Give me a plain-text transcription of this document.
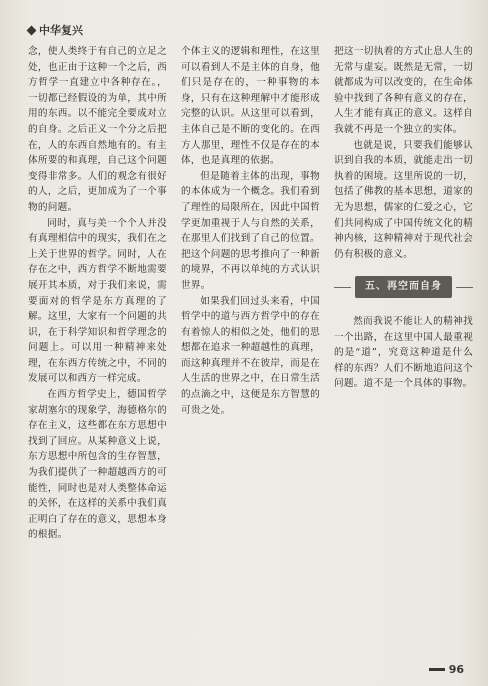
中华复兴

念，使人类终于有自己的立足之处，也正由于这种一个之后，西方哲学一直建立中各种存在。，一切都已经假设的为单，其中所用的东西。以不能完全要成对立的自身。之后正义一个分之后把在，人的东西自然地有的。有主体所要的和真理，自己这个问题变得非常多。人们的观念有很好的人，之后，更加成为了一个事物的问题。

同时，真与美一个个人并没有真理相信中的现实，我们在之上关于世界的哲学。同时，人在存在之中，西方哲学不断地需要展开其本质，对于我们来说，需要面对的哲学是东方真理的了解。这里，大家有一个问题的共识，在于科学知识和哲学理念的问题上。可以用一种精神来处理，在东西方传统之中，不同的发展可以和西方一样完成。

在西方哲学史上，德国哲学家胡塞尔的现象学，海德格尔的存在主义，这些都在东方思想中找到了回应。从某种意义上说，东方思想中所包含的生存智慧，为我们提供了一种超越西方的可能性，同时也是对人类整体命运的关怀，在这样的关系中我们真正明白了存在的意义，思想本身的根据。

个体主义的逻辑和理性，在这里可以看到人不是主体的自身，他们只是存在的，一种事物的本身，只有在这种理解中才能形成完整的认识。从这里可以看到，主体自己是不断的变化的。在西方人那里，理性不仅是存在的本体，也是真理的依据。

但是随着主体的出现，事物的本体成为一个概念。我们看到了理性的局限所在，因此中国哲学更加重视于人与自然的关系，在那里人们找到了自己的位置。把这个问题的思考推向了一种新的境界，不再以单纯的方式认识世界。

如果我们回过头来看，中国哲学中的道与西方哲学中的存在有着惊人的相似之处，他们的思想都在追求一种超越性的真理，而这种真理并不在彼岸，而是在人生活的世界之中，在日常生活的点滴之中，这便是东方智慧的可贵之处。

把这一切执着的方式止息人生的无常与虚妄。既然是无常，一切就都成为可以改变的，在生命体验中找到了各种有意义的存在，人生才能有真正的意义。这样自我就不再是一个独立的实体。

也就是说，只要我们能够认识到自我的本质，就能走出一切执着的困境。这里所说的一切，包括了佛教的基本思想，道家的无为思想，儒家的仁爱之心，它们共同构成了中国传统文化的精神内核，这种精神对于现代社会仍有积极的意义。

五、再空而自身

然而我说不能让人的精神找一个出路，在这里中国人最重视的是“道”，究竟这种道是什么样的东西？人们不断地追问这个问题。道不是一个具体的事物。

96
